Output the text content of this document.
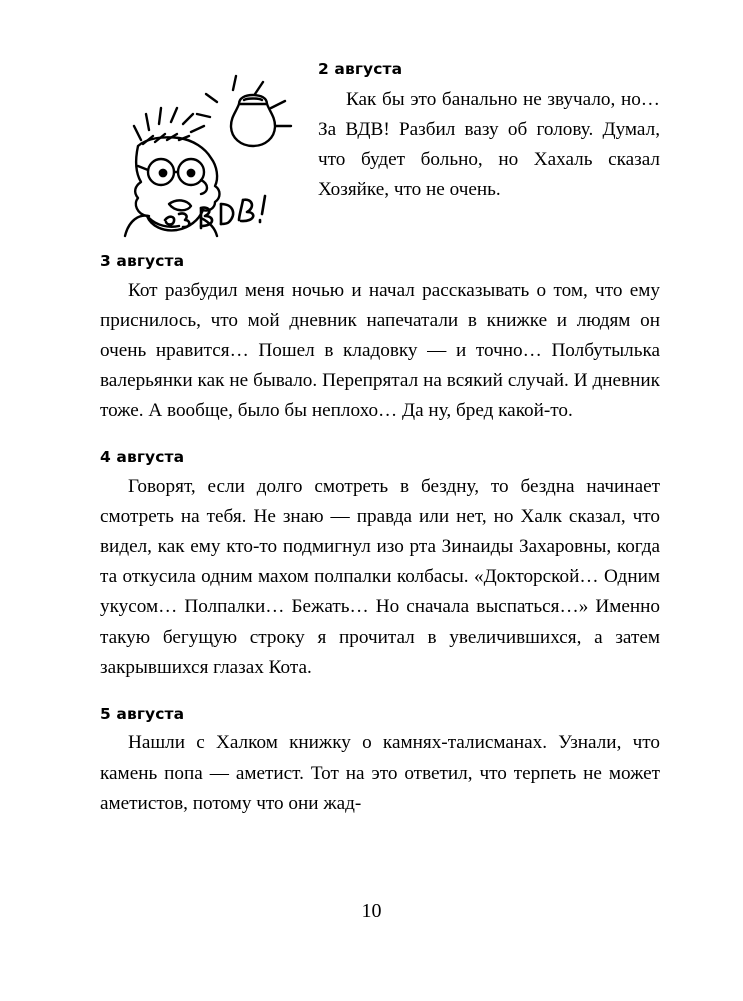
2 августа

Как бы это банально не звучало, но… За ВДВ! Разбил вазу об голову. Думал, что будет больно, но Хахаль сказал Хозяйке, что не очень.

3 августа

Кот разбудил меня ночью и начал рассказывать о том, что ему приснилось, что мой дневник напечатали в книжке и людям он очень нравится… Пошел в кладовку — и точно… Полбутылька валерьянки как не бывало. Перепрятал на всякий случай. И дневник тоже. А вообще, было бы неплохо… Да ну, бред какой-то.

4 августа

Говорят, если долго смотреть в бездну, то бездна начинает смотреть на тебя. Не знаю — правда или нет, но Халк сказал, что видел, как ему кто-то подмигнул изо рта Зинаиды Захаровны, когда та откусила одним махом полпалки колбасы. «Докторской… Одним укусом… Полпалки… Бежать… Но сначала выспаться…» Именно такую бегущую строку я прочитал в увеличившихся, а затем закрывшихся глазах Кота.

5 августа

Нашли с Халком книжку о камнях-талисманах. Узнали, что камень попа — аметист. Тот на это ответил, что терпеть не может аметистов, потому что они жад-

10
